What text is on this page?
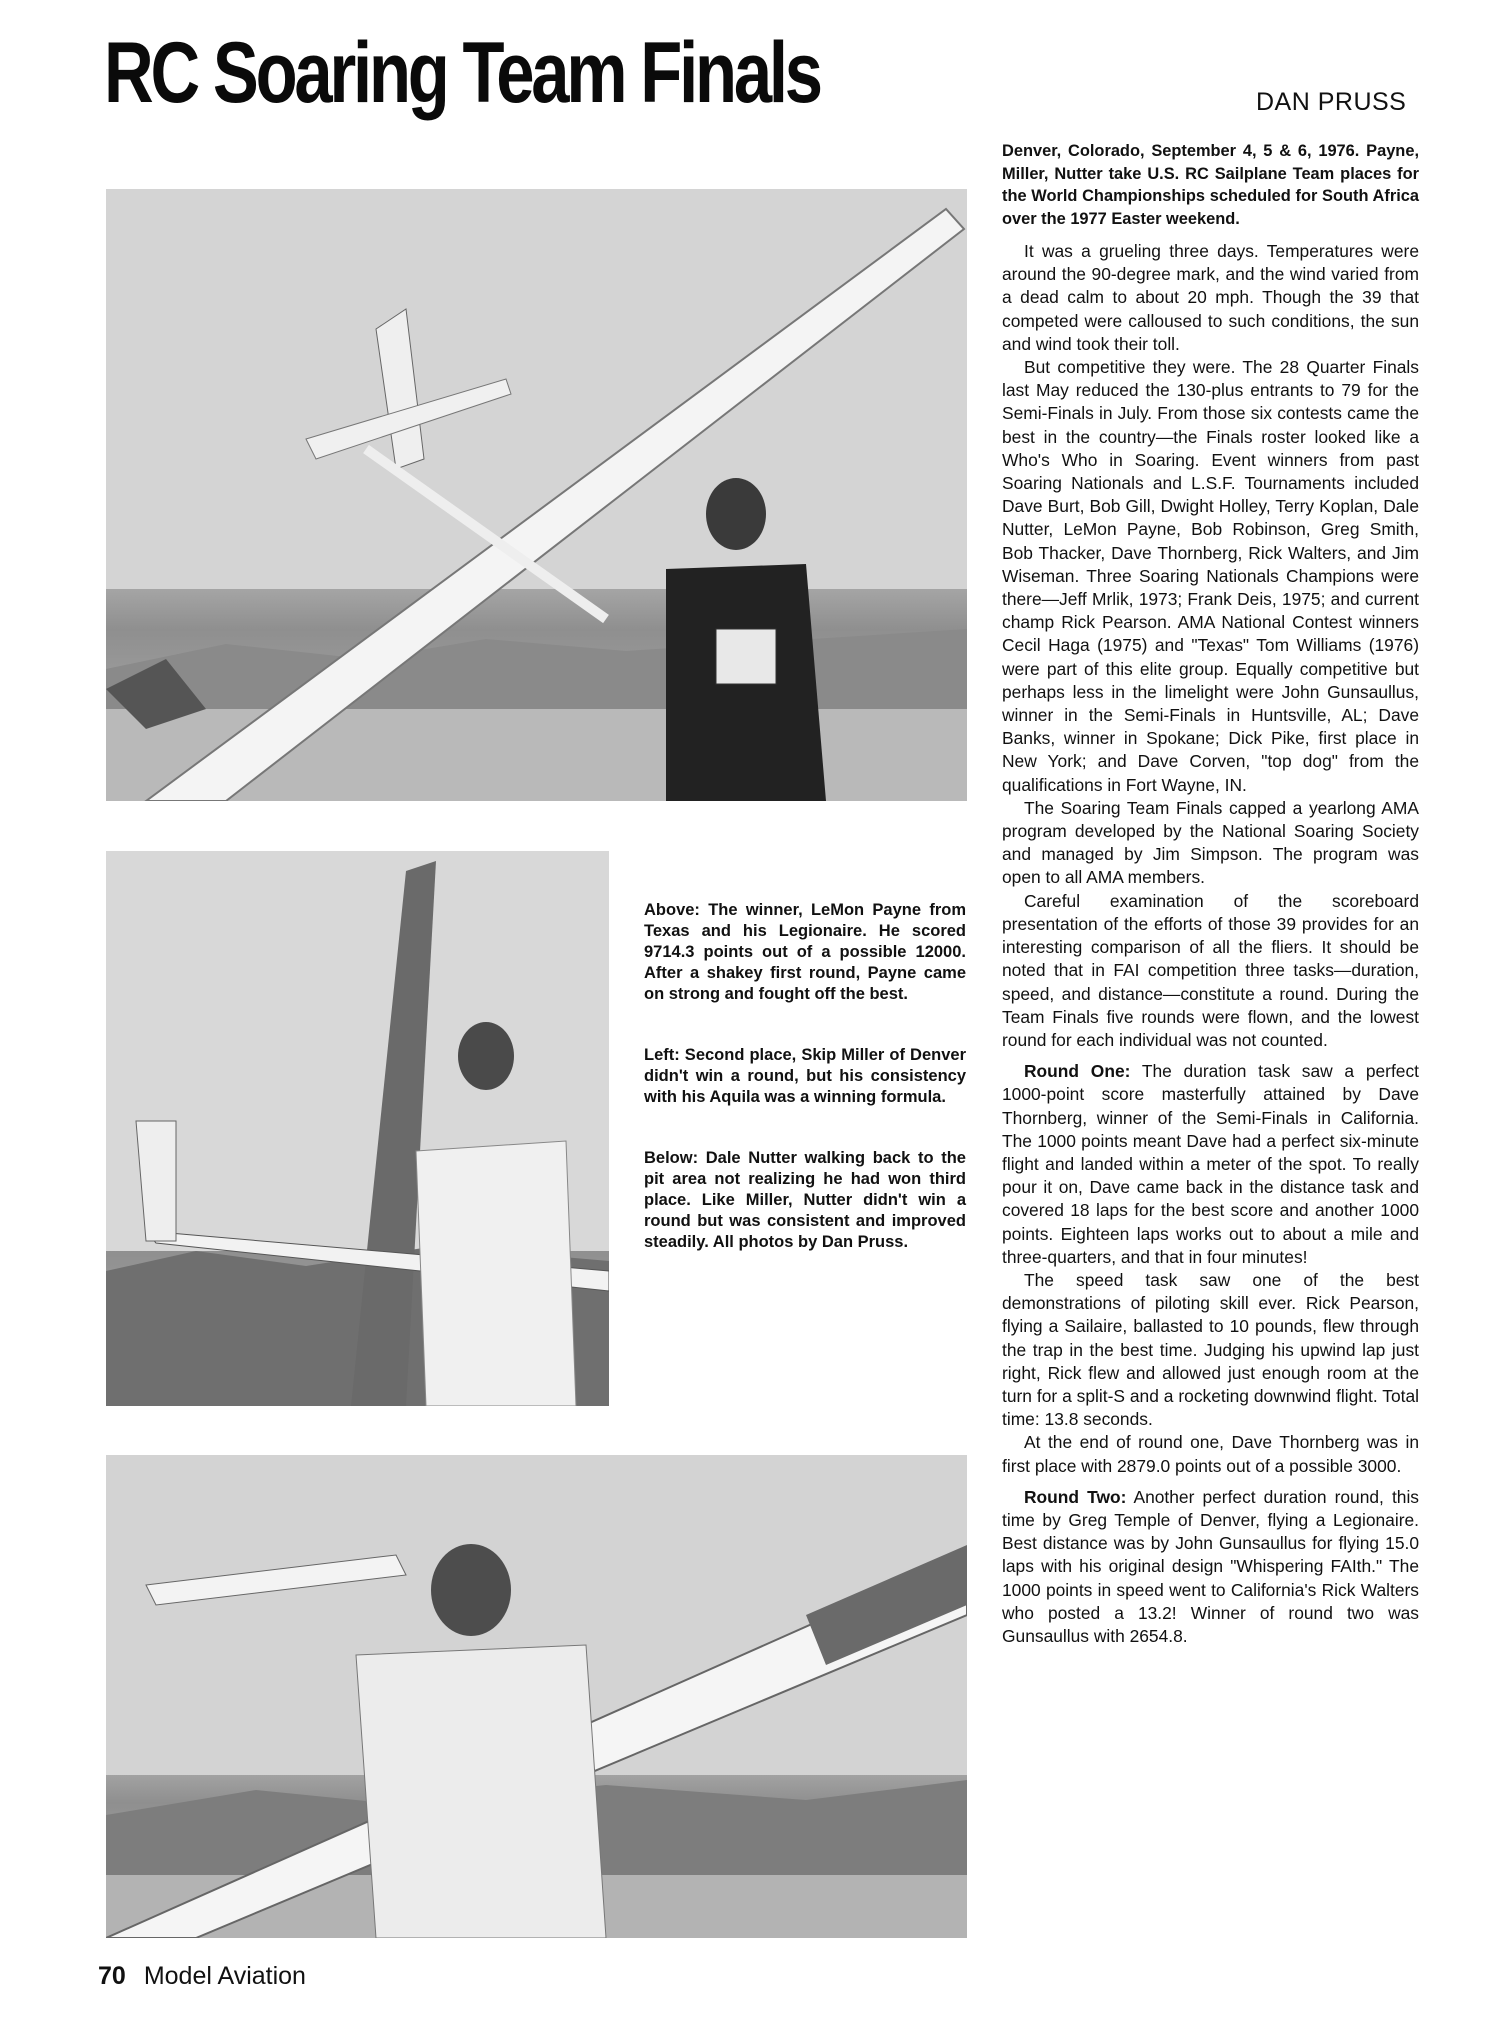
RC Soaring Team Finals	DAN PRUSS

Above: The winner, LeMon Payne from Texas and his Legionaire. He scored 9714.3 points out of a possible 12000. After a shakey first round, Payne came on strong and fought off the best.

Left: Second place, Skip Miller of Denver didn't win a round, but his consistency with his Aquila was a winning formula.

Below: Dale Nutter walking back to the pit area not realizing he had won third place. Like Miller, Nutter didn't win a round but was consistent and improved steadily. All photos by Dan Pruss.

Denver, Colorado, September 4, 5 & 6, 1976. Payne, Miller, Nutter take U.S. RC Sailplane Team places for the World Championships scheduled for South Africa over the 1977 Easter weekend.

It was a grueling three days. Temperatures were around the 90-degree mark, and the wind varied from a dead calm to about 20 mph. Though the 39 that competed were calloused to such conditions, the sun and wind took their toll.

But competitive they were. The 28 Quarter Finals last May reduced the 130-plus entrants to 79 for the Semi-Finals in July. From those six contests came the best in the country—the Finals roster looked like a Who's Who in Soaring. Event winners from past Soaring Nationals and L.S.F. Tournaments included Dave Burt, Bob Gill, Dwight Holley, Terry Koplan, Dale Nutter, LeMon Payne, Bob Robinson, Greg Smith, Bob Thacker, Dave Thornberg, Rick Walters, and Jim Wiseman. Three Soaring Nationals Champions were there—Jeff Mrlik, 1973; Frank Deis, 1975; and current champ Rick Pearson. AMA National Contest winners Cecil Haga (1975) and "Texas" Tom Williams (1976) were part of this elite group. Equally competitive but perhaps less in the limelight were John Gunsaullus, winner in the Semi-Finals in Huntsville, AL; Dave Banks, winner in Spokane; Dick Pike, first place in New York; and Dave Corven, "top dog" from the qualifications in Fort Wayne, IN.

The Soaring Team Finals capped a yearlong AMA program developed by the National Soaring Society and managed by Jim Simpson. The program was open to all AMA members.

Careful examination of the scoreboard presentation of the efforts of those 39 provides for an interesting comparison of all the fliers. It should be noted that in FAI competition three tasks—duration, speed, and distance—constitute a round. During the Team Finals five rounds were flown, and the lowest round for each individual was not counted.

Round One: The duration task saw a perfect 1000-point score masterfully attained by Dave Thornberg, winner of the Semi-Finals in California. The 1000 points meant Dave had a perfect six-minute flight and landed within a meter of the spot. To really pour it on, Dave came back in the distance task and covered 18 laps for the best score and another 1000 points. Eighteen laps works out to about a mile and three-quarters, and that in four minutes!

The speed task saw one of the best demonstrations of piloting skill ever. Rick Pearson, flying a Sailaire, ballasted to 10 pounds, flew through the trap in the best time. Judging his upwind lap just right, Rick flew and allowed just enough room at the turn for a split-S and a rocketing downwind flight. Total time: 13.8 seconds.

At the end of round one, Dave Thornberg was in first place with 2879.0 points out of a possible 3000.

Round Two: Another perfect duration round, this time by Greg Temple of Denver, flying a Legionaire. Best distance was by John Gunsaullus for flying 15.0 laps with his original design "Whispering FAIth." The 1000 points in speed went to California's Rick Walters who posted a 13.2! Winner of round two was Gunsaullus with 2654.8.

70 Model Aviation
